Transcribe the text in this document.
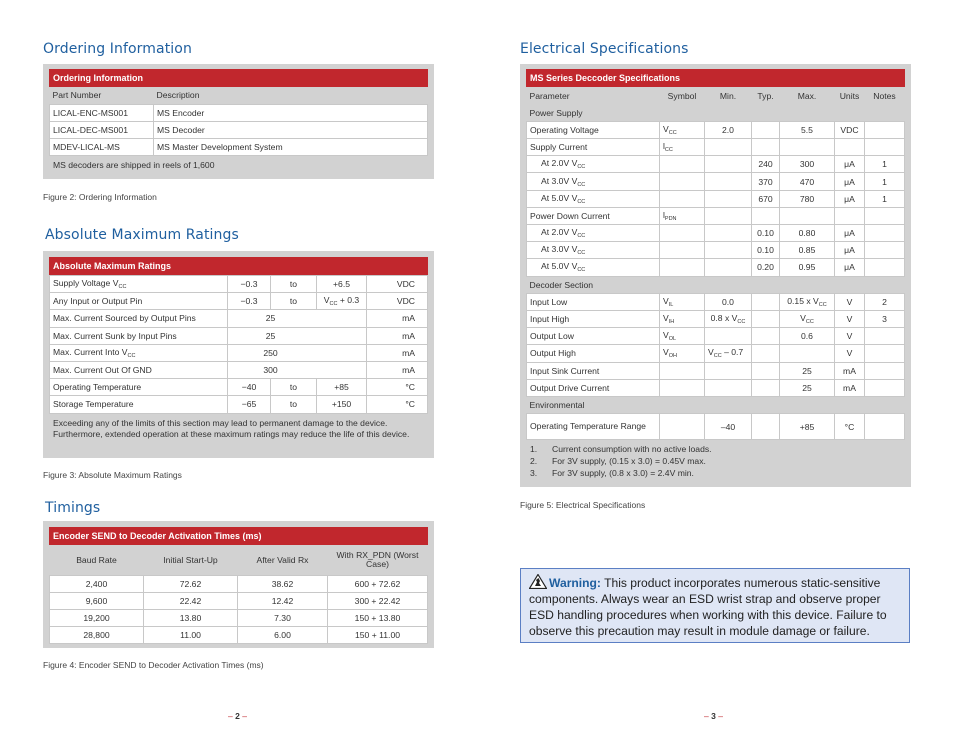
Ordering Information
Ordering Information
Part Number	Description
LICAL-ENC-MS001	MS Encoder
LICAL-DEC-MS001	MS Decoder
MDEV-LICAL-MS	MS Master Development System
MS decoders are shipped in reels of 1,600
Figure 2: Ordering Information
Absolute Maximum Ratings
Absolute Maximum Ratings
Supply Voltage $V_{CC}$	−0.3	to	+6.5	VDC
Any Input or Output Pin	−0.3	to	$V_{CC} + 0.3$	VDC
Max. Current Sourced by Output Pins	25			mA
Max. Current Sunk by Input Pins	25			mA
Max. Current Into $V_{CC}$	250			mA
Max. Current Out Of GND	300			mA
Operating Temperature	−40	to	+85	°C
Storage Temperature	−65	to	+150	°C
Exceeding any of the limits of this section may lead to permanent damage to the device. Furthermore, extended operation at these maximum ratings may reduce the life of this device.
Figure 3: Absolute Maximum Ratings
Timings
Encoder SEND to Decoder Activation Times (ms)
Baud Rate	Initial Start-Up	After Valid Rx	With RX_PDN (Worst Case)
2,400	72.62	38.62	600 + 72.62
9,600	22.42	12.42	300 + 22.42
19,200	13.80	7.30	150 + 13.80
28,800	11.00	6.00	150 + 11.00
Figure 4: Encoder SEND to Decoder Activation Times (ms)
Electrical Specifications
MS Series Deccoder Specifications
Parameter	Symbol	Min.	Typ.	Max.	Units	Notes
Power Supply						
Operating Voltage	$V_{CC}$	2.0		5.5	VDC	
Supply Current	$l_{CC}$					
At 2.0V $V_{CC}$			240	300	μA	1
At 3.0V $V_{CC}$			370	470	μA	1
At 5.0V $V_{CC}$			670	780	μA	1
Power Down Current	$l_{PDN}$					
At 2.0V $V_{CC}$			0.10	0.80	μA	
At 3.0V $V_{CC}$			0.10	0.85	μA	
At 5.0V $V_{CC}$			0.20	0.95	μA	
Decoder Section						
Input Low	$V_{IL}$	0.0		0.15 x $V_{CC}$	V	2
Input High	$V_{IH}$	0.8 x $V_{CC}$		$V_{CC}$	V	3
Output Low	$V_{OL}$			0.6	V	
Output High	$V_{OH}$	$V_{CC} - 0.7$			V	
Input Sink Current				25	mA	
Output Drive Current				25	mA	
Environmental						
Operating Temperature Range		–40		+85	°C	
1. Current consumption with no active loads.
2. For 3V supply, (0.15 x 3.0) = 0.45V max.
3. For 3V supply, (0.8 x 3.0) = 2.4V min.
Figure 5: Electrical Specifications
Warning: This product incorporates numerous static-sensitive components. Always wear an ESD wrist strap and observe proper ESD handling procedures when working with this device. Failure to observe this precaution may result in module damage or failure.
– 2 –	– 3 –
